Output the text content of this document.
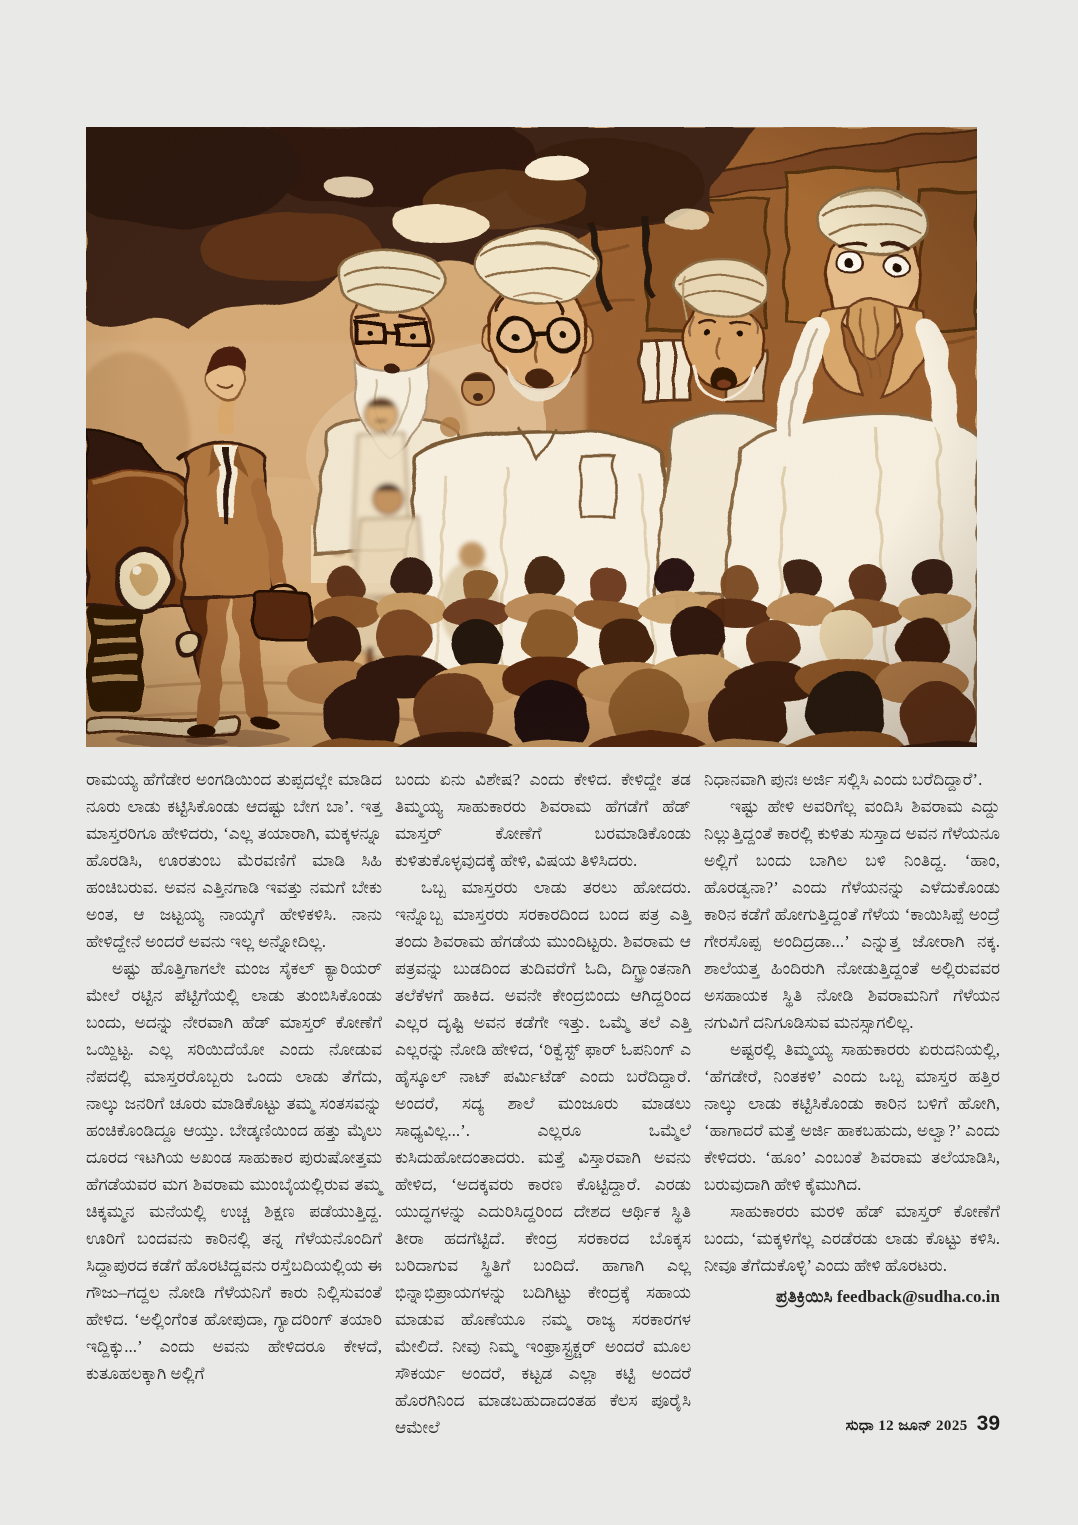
ರಾಮಯ್ಯ ಹೆಗೆಡೇರ ಅಂಗಡಿಯಿಂದ ತುಪ್ಪದಲ್ಲೇ ಮಾಡಿದ ನೂರು ಲಾಡು ಕಟ್ಟಿಸಿಕೊಂಡು ಆದಷ್ಟು ಬೇಗ ಬಾ’. ಇತ್ತ ಮಾಸ್ತರರಿಗೂ ಹೇಳಿದರು, ‘ಎಲ್ಲ ತಯಾರಾಗಿ, ಮಕ್ಕಳನ್ನೂ ಹೊರಡಿಸಿ, ಊರತುಂಬ ಮೆರವಣಿಗೆ ಮಾಡಿ ಸಿಹಿ ಹಂಚಿಬರುವ. ಅವನ ಎತ್ತಿನಗಾಡಿ ಇವತ್ತು ನಮಗೆ ಬೇಕು ಅಂತ, ಆ ಜಟ್ಟಯ್ಯ ನಾಯ್ಕಗೆ ಹೇಳಿಕಳಿಸಿ. ನಾನು ಹೇಳಿದ್ದೇನೆ ಅಂದರೆ ಅವನು ಇಲ್ಲ ಅನ್ನೋದಿಲ್ಲ.

ಅಷ್ಟು ಹೊತ್ತಿಗಾಗಲೇ ಮಂಜ ಸೈಕಲ್ ಕ್ಯಾರಿಯರ್ ಮೇಲೆ ರಟ್ಟಿನ ಪೆಟ್ಟಿಗೆಯಲ್ಲಿ ಲಾಡು ತುಂಬಿಸಿಕೊಂಡು ಬಂದು, ಅದನ್ನು ನೇರವಾಗಿ ಹೆಡ್ ಮಾಸ್ತರ್ ಕೋಣೆಗೆ ಒಯ್ದಿಟ್ಟ. ಎಲ್ಲ ಸರಿಯಿದೆಯೋ ಎಂದು ನೋಡುವ ನೆಪದಲ್ಲಿ ಮಾಸ್ತರರೊಬ್ಬರು ಒಂದು ಲಾಡು ತೆಗೆದು, ನಾಲ್ಕು ಜನರಿಗೆ ಚೂರು ಮಾಡಿಕೊಟ್ಟು ತಮ್ಮ ಸಂತಸವನ್ನು ಹಂಚಿಕೊಂಡಿದ್ದೂ ಆಯ್ತು. ಬೇಡ್ಕಣಿಯಿಂದ ಹತ್ತು ಮೈಲು ದೂರದ ಇಟಗಿಯ ಅಖಂಡ ಸಾಹುಕಾರ ಪುರುಷೋತ್ತಮ ಹೆಗಡೆಯವರ ಮಗ ಶಿವರಾಮ ಮುಂಬೈಯಲ್ಲಿರುವ ತಮ್ಮ ಚಿಕ್ಕಮ್ಮನ ಮನೆಯಲ್ಲಿ ಉಚ್ಚ ಶಿಕ್ಷಣ ಪಡೆಯುತ್ತಿದ್ದ. ಊರಿಗೆ ಬಂದವನು ಕಾರಿನಲ್ಲಿ ತನ್ನ ಗೆಳೆಯನೊಂದಿಗೆ ಸಿದ್ದಾಪುರದ ಕಡೆಗೆ ಹೊರಟಿದ್ದವನು ರಸ್ತೆಬದಿಯಲ್ಲಿಯ ಈ ಗೌಜು–ಗದ್ದಲ ನೋಡಿ ಗೆಳೆಯನಿಗೆ ಕಾರು ನಿಲ್ಲಿಸುವಂತೆ ಹೇಳಿದ. ‘ಅಲ್ಲಿಂಗೆಂತ ಹೋಪುದಾ, ಗ್ಯಾದರಿಂಗ್ ತಯಾರಿ ಇದ್ದಿಕ್ಕು...’ ಎಂದು ಅವನು ಹೇಳಿದರೂ ಕೇಳದೆ, ಕುತೂಹಲಕ್ಕಾಗಿ ಅಲ್ಲಿಗೆ

ಬಂದು ಏನು ವಿಶೇಷ? ಎಂದು ಕೇಳಿದ. ಕೇಳಿದ್ದೇ ತಡ ತಿಮ್ಮಯ್ಯ ಸಾಹುಕಾರರು ಶಿವರಾಮ ಹೆಗಡೆಗೆ ಹೆಡ್ ಮಾಸ್ತರ್ ಕೋಣೆಗೆ ಬರಮಾಡಿಕೊಂಡು ಕುಳಿತುಕೊಳ್ಳವುದಕ್ಕೆ ಹೇಳಿ, ವಿಷಯ ತಿಳಿಸಿದರು.

ಒಬ್ಬ ಮಾಸ್ತರರು ಲಾಡು ತರಲು ಹೋದರು. ಇನ್ನೊಬ್ಬ ಮಾಸ್ತರರು ಸರಕಾರದಿಂದ ಬಂದ ಪತ್ರ ಎತ್ತಿ ತಂದು ಶಿವರಾಮ ಹೆಗಡೆಯ ಮುಂದಿಟ್ಟರು. ಶಿವರಾಮ ಆ ಪತ್ರವನ್ನು ಬುಡದಿಂದ ತುದಿವರೆಗೆ ಓದಿ, ದಿಗ್ಭ್ರಾಂತನಾಗಿ ತಲೆಕೆಳಗೆ ಹಾಕಿದ. ಅವನೇ ಕೇಂದ್ರಬಿಂದು ಆಗಿದ್ದರಿಂದ ಎಲ್ಲರ ದೃಷ್ಟಿ ಅವನ ಕಡೆಗೇ ಇತ್ತು. ಒಮ್ಮೆ ತಲೆ ಎತ್ತಿ ಎಲ್ಲರನ್ನು ನೋಡಿ ಹೇಳಿದ, ‘ರಿಕ್ವೆಸ್ಟ್ ಫಾರ್ ಓಪನಿಂಗ್ ಎ ಹೈಸ್ಕೂಲ್ ನಾಟ್ ಪರ್ಮಿಟೆಡ್ ಎಂದು ಬರೆದಿದ್ದಾರೆ. ಅಂದರೆ, ಸದ್ಯ ಶಾಲೆ ಮಂಜೂರು ಮಾಡಲು ಸಾಧ್ಯವಿಲ್ಲ...’. ಎಲ್ಲರೂ ಒಮ್ಮೆಲೆ ಕುಸಿದುಹೋದಂತಾದರು. ಮತ್ತೆ ವಿಸ್ತಾರವಾಗಿ ಅವನು ಹೇಳಿದ, ‘ಅದಕ್ಕವರು ಕಾರಣ ಕೊಟ್ಟಿದ್ದಾರೆ. ಎರಡು ಯುದ್ಧಗಳನ್ನು ಎದುರಿಸಿದ್ದರಿಂದ ದೇಶದ ಆರ್ಥಿಕ ಸ್ಥಿತಿ ತೀರಾ ಹದಗೆಟ್ಟಿದೆ. ಕೇಂದ್ರ ಸರಕಾರದ ಬೊಕ್ಕಸ ಬರಿದಾಗುವ ಸ್ಥಿತಿಗೆ ಬಂದಿದೆ. ಹಾಗಾಗಿ ಎಲ್ಲ ಭಿನ್ನಾಭಿಪ್ರಾಯಗಳನ್ನು ಬದಿಗಿಟ್ಟು ಕೇಂದ್ರಕ್ಕೆ ಸಹಾಯ ಮಾಡುವ ಹೊಣೆಯೂ ನಮ್ಮ ರಾಜ್ಯ ಸರಕಾರಗಳ ಮೇಲಿದೆ. ನೀವು ನಿಮ್ಮ ಇಂಫ್ರಾಸ್ಟ್ರಕ್ಚರ್ ಅಂದರೆ ಮೂಲ ಸೌಕರ್ಯ ಅಂದರೆ, ಕಟ್ಟಡ ಎಲ್ಲಾ ಕಟ್ಟಿ ಅಂದರೆ ಹೊರಗಿನಿಂದ ಮಾಡಬಹುದಾದಂತಹ ಕೆಲಸ ಪೂರೈಸಿ ಆಮೇಲೆ

ನಿಧಾನವಾಗಿ ಪುನಃ ಅರ್ಜಿ ಸಲ್ಲಿಸಿ ಎಂದು ಬರೆದಿದ್ದಾರೆ’.

ಇಷ್ಟು ಹೇಳಿ ಅವರಿಗೆಲ್ಲ ವಂದಿಸಿ ಶಿವರಾಮ ಎದ್ದು ನಿಲ್ಲುತ್ತಿದ್ದಂತೆ ಕಾರಲ್ಲಿ ಕುಳಿತು ಸುಸ್ತಾದ ಅವನ ಗೆಳೆಯನೂ ಅಲ್ಲಿಗೆ ಬಂದು ಬಾಗಿಲ ಬಳಿ ನಿಂತಿದ್ದ. ‘ಹಾಂ, ಹೊರಡ್ವನಾ?’ ಎಂದು ಗೆಳೆಯನನ್ನು ಎಳೆದುಕೊಂಡು ಕಾರಿನ ಕಡೆಗೆ ಹೋಗುತ್ತಿದ್ದಂತೆ ಗೆಳೆಯ ‘ಕಾಯಿಸಿಪ್ಪೆ ಅಂದ್ರೆ ಗೇರಸೊಪ್ಪ ಅಂದಿದ್ರಡಾ...’ ಎನ್ನುತ್ತ ಜೋರಾಗಿ ನಕ್ಕ. ಶಾಲೆಯತ್ತ ಹಿಂದಿರುಗಿ ನೋಡುತ್ತಿದ್ದಂತೆ ಅಲ್ಲಿರುವವರ ಅಸಹಾಯಕ ಸ್ಥಿತಿ ನೋಡಿ ಶಿವರಾಮನಿಗೆ ಗೆಳೆಯನ ನಗುವಿಗೆ ದನಿಗೂಡಿಸುವ ಮನಸ್ಸಾಗಲಿಲ್ಲ.

ಅಷ್ಟರಲ್ಲಿ ತಿಮ್ಮಯ್ಯ ಸಾಹುಕಾರರು ಏರುದನಿಯಲ್ಲಿ, ‘ಹೆಗಡೇರೆ, ನಿಂತಕಳಿ’ ಎಂದು ಒಬ್ಬ ಮಾಸ್ತರ ಹತ್ತಿರ ನಾಲ್ಕು ಲಾಡು ಕಟ್ಟಿಸಿಕೊಂಡು ಕಾರಿನ ಬಳಿಗೆ ಹೋಗಿ, ‘ಹಾಗಾದರೆ ಮತ್ತೆ ಅರ್ಜಿ ಹಾಕಬಹುದು, ಅಲ್ವಾ?’ ಎಂದು ಕೇಳಿದರು. ‘ಹೂಂ’ ಎಂಬಂತೆ ಶಿವರಾಮ ತಲೆಯಾಡಿಸಿ, ಬರುವುದಾಗಿ ಹೇಳಿ ಕೈಮುಗಿದ.

ಸಾಹುಕಾರರು ಮರಳಿ ಹೆಡ್ ಮಾಸ್ತರ್ ಕೋಣೆಗೆ ಬಂದು, ‘ಮಕ್ಕಳಿಗೆಲ್ಲ ಎರಡೆರಡು ಲಾಡು ಕೊಟ್ಟು ಕಳಿಸಿ. ನೀವೂ ತೆಗೆದುಕೊಳ್ಳಿ’ ಎಂದು ಹೇಳಿ ಹೊರಟರು.

ಪ್ರತಿಕ್ರಿಯಿಸಿ feedback@sudha.co.in

ಸುಧಾ 12 ಜೂನ್ 2025 39
